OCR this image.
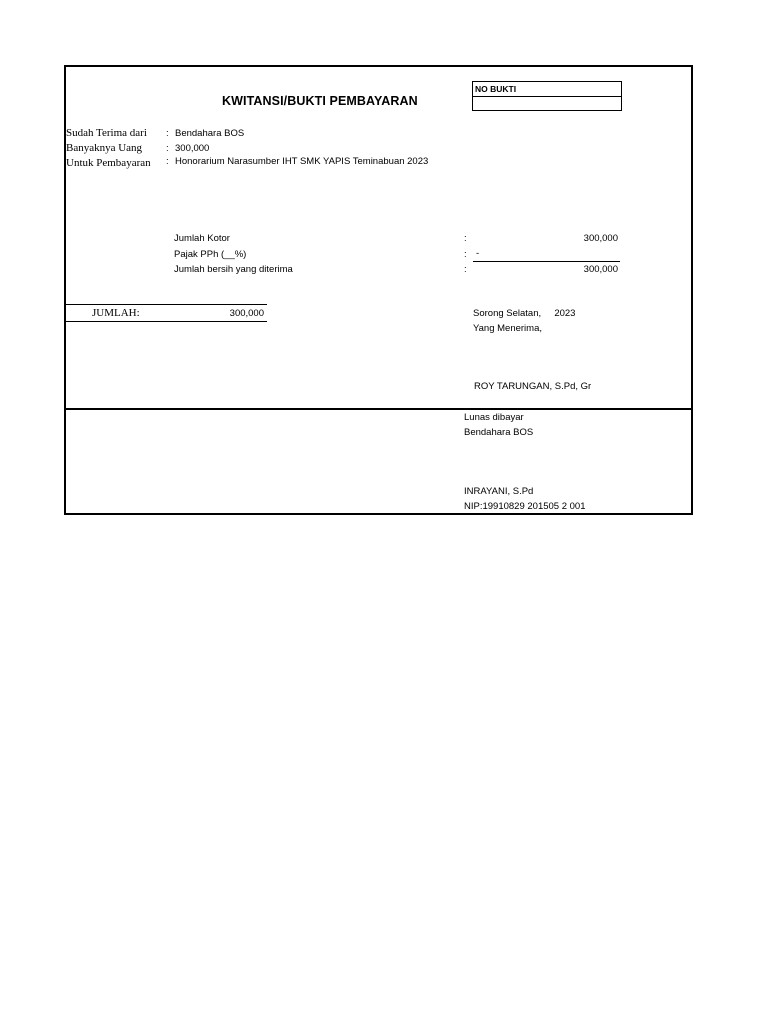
KWITANSI/BUKTI PEMBAYARAN
NO BUKTI
Sudah Terima dari : Bendahara BOS
Banyaknya Uang	: 300,000
Untuk Pembayaran : Honorarium Narasumber IHT SMK YAPIS Teminabuan 2023
Jumlah Kotor	:	300,000
Pajak PPh (__%)	: -
Jumlah bersih yang diterima	:	300,000
JUMLAH:	300,000	Sorong Selatan,     2023
Yang Menerima,
ROY TARUNGAN, S.Pd, Gr
Lunas dibayar
Bendahara BOS
INRAYANI, S.Pd
NIP:19910829 201505 2 001
